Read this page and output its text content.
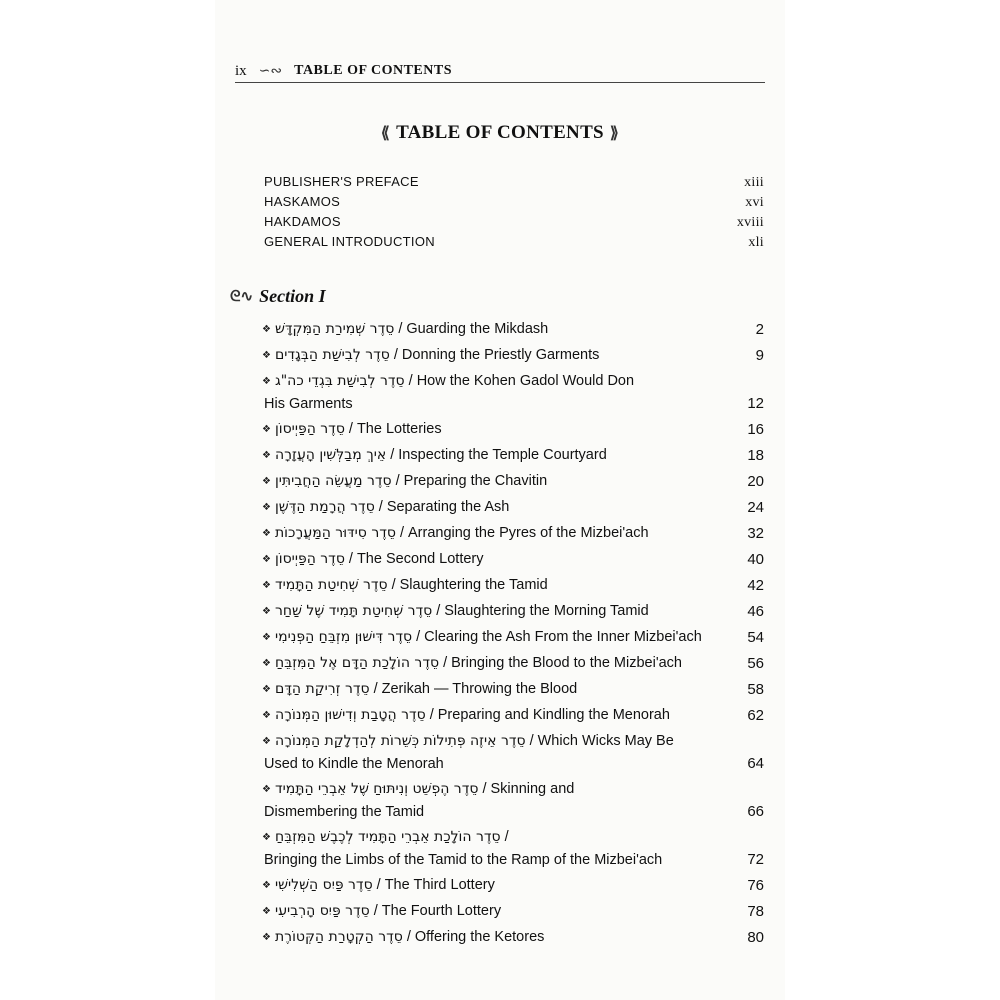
ix ∽∾ TABLE OF CONTENTS
⟪ TABLE OF CONTENTS ⟫
PUBLISHER'S PREFACE	xiii
HASKAMOS	xvi
HAKDAMOS	xviii
GENERAL INTRODUCTION	xli
ᘓ∿ Section I
❖ סֵדֶר שְׁמִירַת הַמִּקְדָּשׁ / Guarding the Mikdash	2
❖ סֵדֶר לְבִישַׁת הַבְּגָדִים / Donning the Priestly Garments	9
❖ סֵדֶר לְבִישַׁת בִּגְדֵי כה"ג / How the Kohen Gadol Would Don
His Garments	12
❖ סֵדֶר הַפַּיְיסוֹן / The Lotteries	16
❖ אֵיךְ מְבַלְּשִׁין הָעֲזָרָה / Inspecting the Temple Courtyard	18
❖ סֵדֶר מַעֲשֵׂה הַחֲבִיתִּין / Preparing the Chavitin	20
❖ סֵדֶר הֲרָמַת הַדֶּשֶׁן / Separating the Ash	24
❖ סֵדֶר סִידּוּר הַמַּעֲרָכוֹת / Arranging the Pyres of the Mizbei'ach	32
❖ סֵדֶר הַפַּיְיסוֹן / The Second Lottery	40
❖ סֵדֶר שְׁחִיטַת הַתָּמִיד / Slaughtering the Tamid	42
❖ סֵדֶר שְׁחִיטַת תָּמִיד שֶׁל שַׁחַר / Slaughtering the Morning Tamid	46
❖ סֵדֶר דִּישּׁוּן מִזְבֵּחַ הַפְּנִימִי / Clearing the Ash From the Inner Mizbei'ach	54
❖ סֵדֶר הוֹלָכַת הַדָּם אֶל הַמִּזְבֵּחַ / Bringing the Blood to the Mizbei'ach	56
❖ סֵדֶר זְרִיקַת הַדָּם / Zerikah — Throwing the Blood	58
❖ סֵדֶר הֲטָבַת וְדִישּׁוּן הַמְּנוֹרָה / Preparing and Kindling the Menorah	62
❖ סֵדֶר אֵיזֶה פְּתִילוֹת כְּשֵׁרוֹת לְהַדְלָקַת הַמְּנוֹרָה / Which Wicks May Be
Used to Kindle the Menorah	64
❖ סֵדֶר הֶפְשֵׁט וְנִיתּוּחַ שֶׁל אֵבְרֵי הַתָּמִיד / Skinning and
Dismembering the Tamid	66
❖ סֵדֶר הוֹלָכַת אֵבְרֵי הַתָּמִיד לְכֶבֶשׁ הַמִּזְבֵּחַ /
Bringing the Limbs of the Tamid to the Ramp of the Mizbei'ach	72
❖ סֵדֶר פַּיִס הַשְּׁלִישִׁי / The Third Lottery	76
❖ סֵדֶר פַּיִס הָרְבִיעִי / The Fourth Lottery	78
❖ סֵדֶר הַקְטָרַת הַקְּטוֹרֶת / Offering the Ketores	80
